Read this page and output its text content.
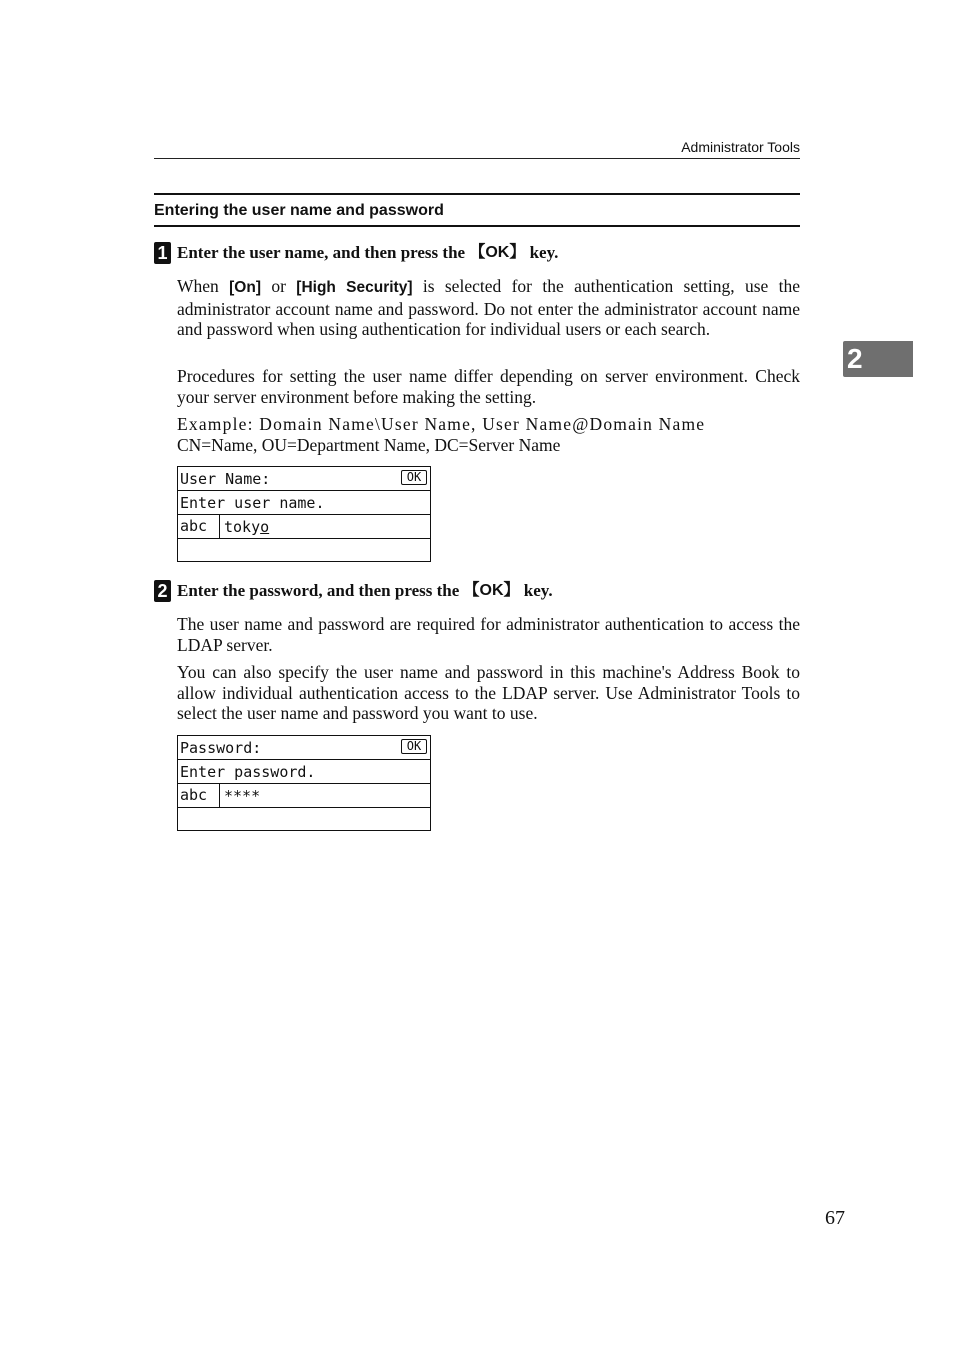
Administrator Tools
Entering the user name and password
1 Enter the user name, and then press the 【OK】 key.

When [On] or [High Security] is selected for the authentication setting, use the administrator account name and password. Do not enter the administrator account name and password when using authentication for individual users or each search.

Procedures for setting the user name differ depending on server environment. Check your server environment before making the setting.

Example: Domain Name\User Name, User Name@Domain Name
CN=Name, OU=Department Name, DC=Server Name

User Name:	OK
Enter user name.
abc	tokyo
2 Enter the password, and then press the 【OK】 key.

The user name and password are required for administrator authentication to access the LDAP server.

You can also specify the user name and password in this machine's Address Book to allow individual authentication access to the LDAP server. Use Administrator Tools to select the user name and password you want to use.

Password:	OK
Enter password.
abc	****
2
67
